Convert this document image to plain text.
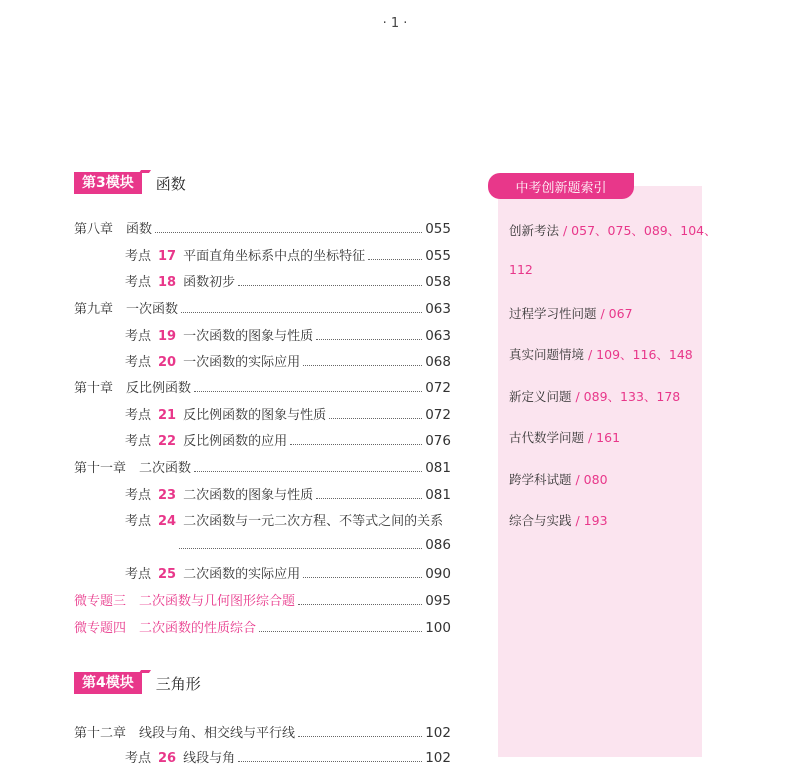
· 1 ·
第3模块	函数
第八章　函数	055
考点 17 平面直角坐标系中点的坐标特征	055
考点 18 函数初步	058
第九章　一次函数	063
考点 19 一次函数的图象与性质	063
考点 20 一次函数的实际应用	068
第十章　反比例函数	072
考点 21 反比例函数的图象与性质	072
考点 22 反比例函数的应用	076
第十一章　二次函数	081
考点 23 二次函数的图象与性质	081
考点 24 二次函数与一元二次方程、不等式之间的关系
086
考点 25 二次函数的实际应用	090
微专题三　二次函数与几何图形综合题	095
微专题四　二次函数的性质综合	100
第4模块	三角形
第十二章　线段与角、相交线与平行线	102
考点 26 线段与角	102
中考创新题索引
创新考法 / 057、075、089、104、
112
过程学习性问题 / 067
真实问题情境 / 109、116、148
新定义问题 / 089、133、178
古代数学问题 / 161
跨学科试题 / 080
综合与实践 / 193
